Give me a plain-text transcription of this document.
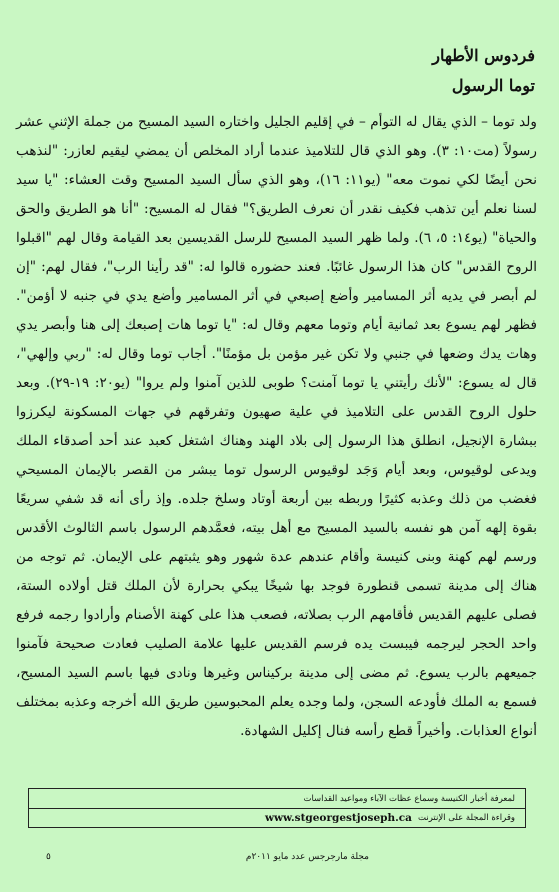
فردوس الأطهار
توما الرسول
ولد توما – الذي يقال له التوأم – في إقليم الجليل واختاره السيد المسيح من جملة الإثني عشر رسولاً (مت١٠: ٣). وهو الذي قال للتلاميذ عندما أراد المخلص أن يمضي ليقيم لعازر: "لنذهب نحن أيضًا لكي نموت معه" (يو١١: ١٦)، وهو الذي سأل السيد المسيح وقت العشاء: "يا سيد لسنا نعلم أين تذهب فكيف نقدر أن نعرف الطريق؟" فقال له المسيح: "أنا هو الطريق والحق والحياة" (يو١٤: ٥، ٦). ولما ظهر السيد المسيح للرسل القديسين بعد القيامة وقال لهم "اقبلوا الروح القدس" كان هذا الرسول غائبًا. فعند حضوره قالوا له: "قد رأينا الرب"، فقال لهم: "إن لم أبصر في يديه أثر المسامير وأضع إصبعي في أثر المسامير وأضع يدي في جنبه لا أؤمن". فظهر لهم يسوع بعد ثمانية أيام وتوما معهم وقال له: "يا توما هات إصبعك إلى هنا وأبصر يدي وهات يدك وضعها في جنبي ولا تكن غير مؤمن بل مؤمنًا". أجاب توما وقال له: "ربي وإلهي"، قال له يسوع: "لأنك رأيتني يا توما آمنت؟ طوبى للذين آمنوا ولم يروا" (يو٢٠: ١٩-٢٩). وبعد حلول الروح القدس على التلاميذ في علية صهيون وتفرقهم في جهات المسكونة ليكرزوا ببشارة الإنجيل، انطلق هذا الرسول إلى بلاد الهند وهناك اشتغل كعبد عند أحد أصدقاء الملك ويدعى لوقيوس، وبعد أيام وَجَد لوقيوس الرسول توما يبشر من القصر بالإيمان المسيحي فغضب من ذلك وعذبه كثيرًا وربطه بين أربعة أوتاد وسلخ جلده. وإذ رأى أنه قد شفي سريعًا بقوة إلهه آمن هو نفسه بالسيد المسيح مع أهل بيته، فعمَّدهم الرسول باسم الثالوث الأقدس ورسم لهم كهنة وبنى كنيسة وأقام عندهم عدة شهور وهو يثبتهم على الإيمان. ثم توجه من هناك إلى مدينة تسمى قنطورة فوجد بها شيخًا يبكي بحرارة لأن الملك قتل أولاده الستة، فصلى عليهم القديس فأقامهم الرب بصلاته، فصعب هذا على كهنة الأصنام وأرادوا رجمه فرفع واحد الحجر ليرجمه فيبست يده فرسم القديس عليها علامة الصليب فعادت صحيحة فآمنوا جميعهم بالرب يسوع. ثم مضى إلى مدينة بركيناس وغيرها ونادى فيها باسم السيد المسيح، فسمع به الملك فأودعه السجن، ولما وجده يعلم المحبوسين طريق الله أخرجه وعذبه بمختلف أنواع العذابات. وأخيراً قطع رأسه فنال إكليل الشهادة.
لمعرفة أخبار الكنيسة وسماع عظات الآباء ومواعيد القداسات
وقراءة المجلة على الإنترنت
www.stgeorgestjoseph.ca
مجلة مارجرجس عدد مايو ٢٠١١م
٥
